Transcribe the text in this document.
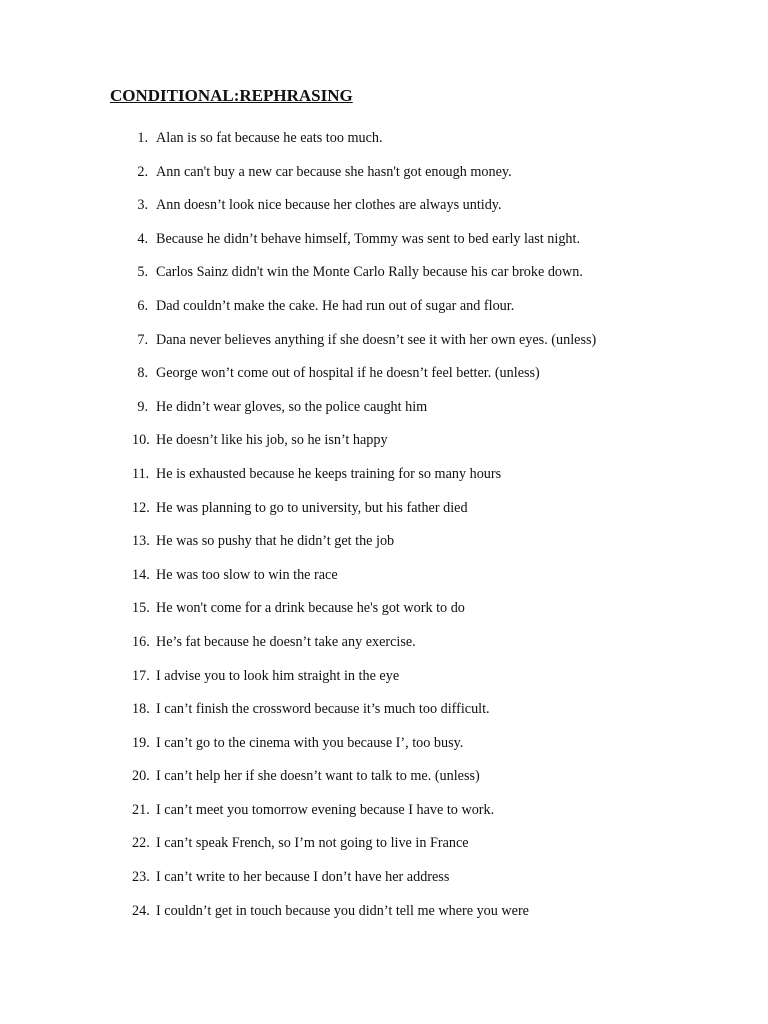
CONDITIONAL:REPHRASING
1. Alan is so fat because he eats too much.
2. Ann can't buy a new car because she hasn't got enough money.
3. Ann doesn’t look nice because her clothes are always untidy.
4. Because he didn’t behave himself, Tommy was sent to bed early last night.
5. Carlos Sainz didn't win the Monte Carlo Rally because his car broke down.
6. Dad couldn’t make the cake. He had run out of sugar and flour.
7. Dana never believes anything if she doesn’t see it with her own eyes. (unless)
8. George won’t come out of hospital if he doesn’t feel better. (unless)
9. He didn’t wear gloves, so the police caught him
10. He doesn’t like his job, so he isn’t happy
11. He is exhausted because he keeps training for so many hours
12. He was planning to go to university, but his father died
13. He was so pushy that he didn’t get the job
14. He was too slow to win the race
15. He won't come for a drink because he's got work to do
16. He’s fat because he doesn’t take any exercise.
17. I advise you to look him straight in the eye
18. I can’t finish the crossword because it’s much too difficult.
19. I can’t go to the cinema with you because I’, too busy.
20. I can’t help her if she doesn’t want to talk to me. (unless)
21. I can’t meet you tomorrow evening because I have to work.
22. I can’t speak French, so I’m not going to live in France
23. I can’t write to her because I don’t have her address
24. I couldn’t get in touch because you didn’t tell me where you were
